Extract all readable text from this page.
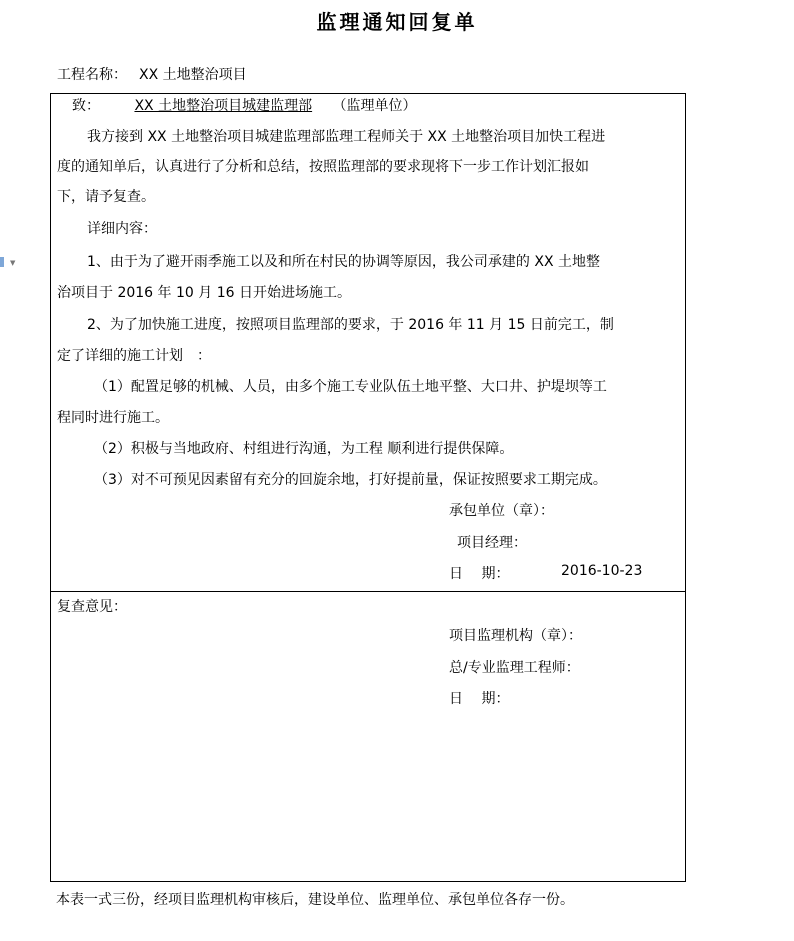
▼
监理通知回复单
工程名称： XX 土地整治项目
致： XX 土地整治项目城建监理部 （监理单位）
我方接到 XX 土地整治项目城建监理部监理工程师关于 XX 土地整治项目加快工程进
度的通知单后，认真进行了分析和总结，按照监理部的要求现将下一步工作计划汇报如
下，请予复查。
详细内容：
1、由于为了避开雨季施工以及和所在村民的协调等原因，我公司承建的 XX 土地整
治项目于 2016 年 10 月 16 日开始进场施工。
2、为了加快施工进度，按照项目监理部的要求，于 2016 年 11 月 15 日前完工，制
定了详细的施工计划　：
（1）配置足够的机械、人员，由多个施工专业队伍土地平整、大口井、护堤坝等工
程同时进行施工。
（2）积极与当地政府、村组进行沟通，为工程 顺利进行提供保障。
（3）对不可预见因素留有充分的回旋余地，打好提前量，保证按照要求工期完成。
承包单位（章）：
项目经理：
日　 期：	2016-10-23
复查意见：
项目监理机构（章）：
总/专业监理工程师：
日　 期：
本表一式三份，经项目监理机构审核后，建设单位、监理单位、承包单位各存一份。
